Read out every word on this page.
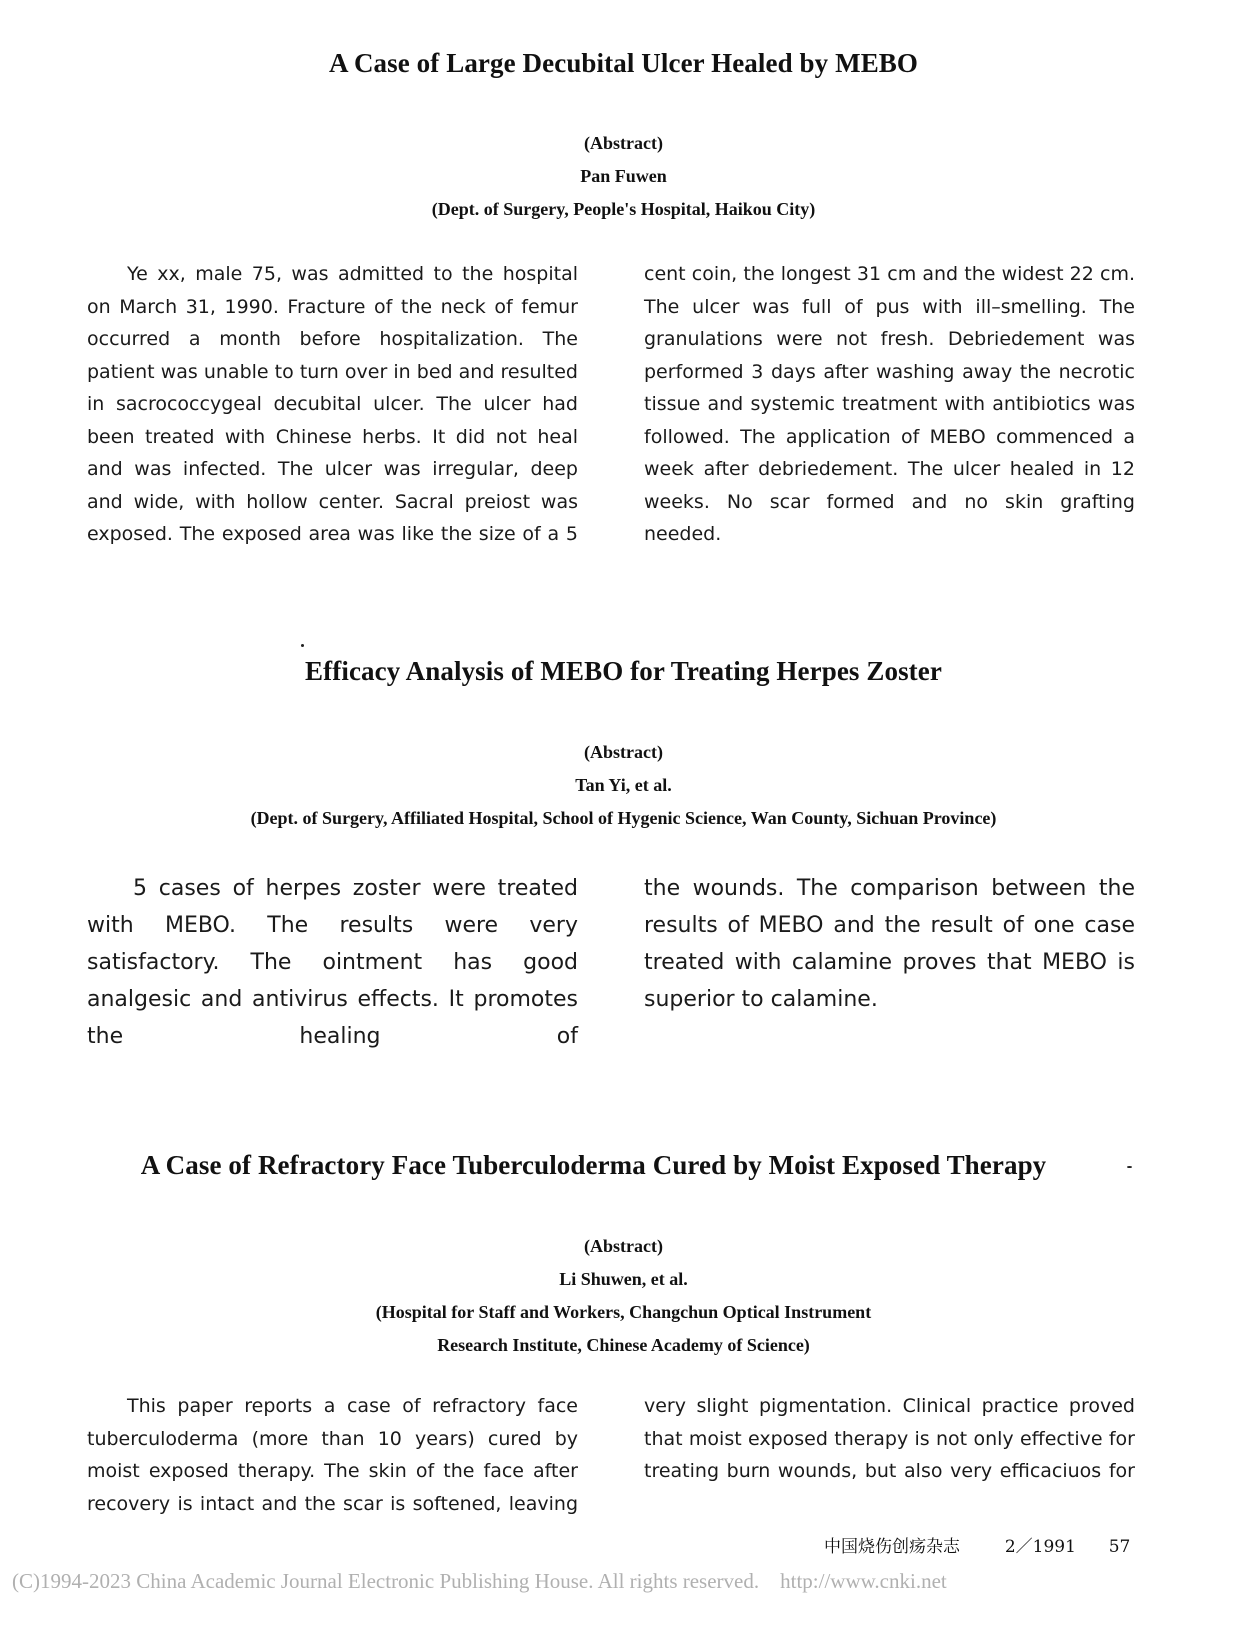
A Case of Large Decubital Ulcer Healed by MEBO
(Abstract)
Pan Fuwen
(Dept. of Surgery, People's Hospital, Haikou City)

Ye xx, male 75, was admitted to the hospital on March 31, 1990. Fracture of the neck of femur occurred a month before hospitalization. The patient was unable to turn over in bed and resulted in sacrococcygeal decubital ulcer. The ulcer had been treated with Chinese herbs. It did not heal and was infected. The ulcer was irregular, deep and wide, with hollow center. Sacral preiost was exposed. The exposed area was like the size of a 5

cent coin, the longest 31 cm and the widest 22 cm. The ulcer was full of pus with ill–smelling. The granulations were not fresh. Debriedement was performed 3 days after washing away the necrotic tissue and systemic treatment with antibiotics was followed. The application of MEBO commenced a week after debriedement. The ulcer healed in 12 weeks. No scar formed and no skin grafting needed.

Efficacy Analysis of MEBO for Treating Herpes Zoster
(Abstract)
Tan Yi, et al.
(Dept. of Surgery, Affiliated Hospital, School of Hygenic Science, Wan County, Sichuan Province)

5 cases of herpes zoster were treated with MEBO. The results were very satisfactory. The ointment has good analgesic and antivirus effects. It promotes the healing of

the wounds. The comparison between the results of MEBO and the result of one case treated with calamine proves that MEBO is superior to calamine.

A Case of Refractory Face Tuberculoderma Cured by Moist Exposed Therapy
(Abstract)
Li Shuwen, et al.
(Hospital for Staff and Workers, Changchun Optical Instrument
Research Institute, Chinese Academy of Science)

This paper reports a case of refractory face tuberculoderma (more than 10 years) cured by moist exposed therapy. The skin of the face after recovery is intact and the scar is softened, leaving

very slight pigmentation. Clinical practice proved that moist exposed therapy is not only effective for treating burn wounds, but also very efficaciuos for

中国烧伤创疡杂志	2／1991 57
(C)1994-2023 China Academic Journal Electronic Publishing House. All rights reserved.    http://www.cnki.net
